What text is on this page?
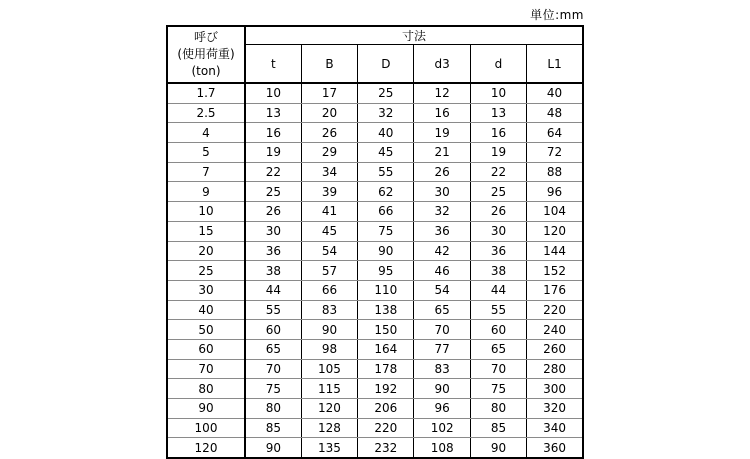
単位:mm
呼び
(使用荷重)
(ton)	寸法					
	t	B	D	d3	d	L1
1.7	10	17	25	12	10	40
2.5	13	20	32	16	13	48
4	16	26	40	19	16	64
5	19	29	45	21	19	72
7	22	34	55	26	22	88
9	25	39	62	30	25	96
10	26	41	66	32	26	104
15	30	45	75	36	30	120
20	36	54	90	42	36	144
25	38	57	95	46	38	152
30	44	66	110	54	44	176
40	55	83	138	65	55	220
50	60	90	150	70	60	240
60	65	98	164	77	65	260
70	70	105	178	83	70	280
80	75	115	192	90	75	300
90	80	120	206	96	80	320
100	85	128	220	102	85	340
120	90	135	232	108	90	360
